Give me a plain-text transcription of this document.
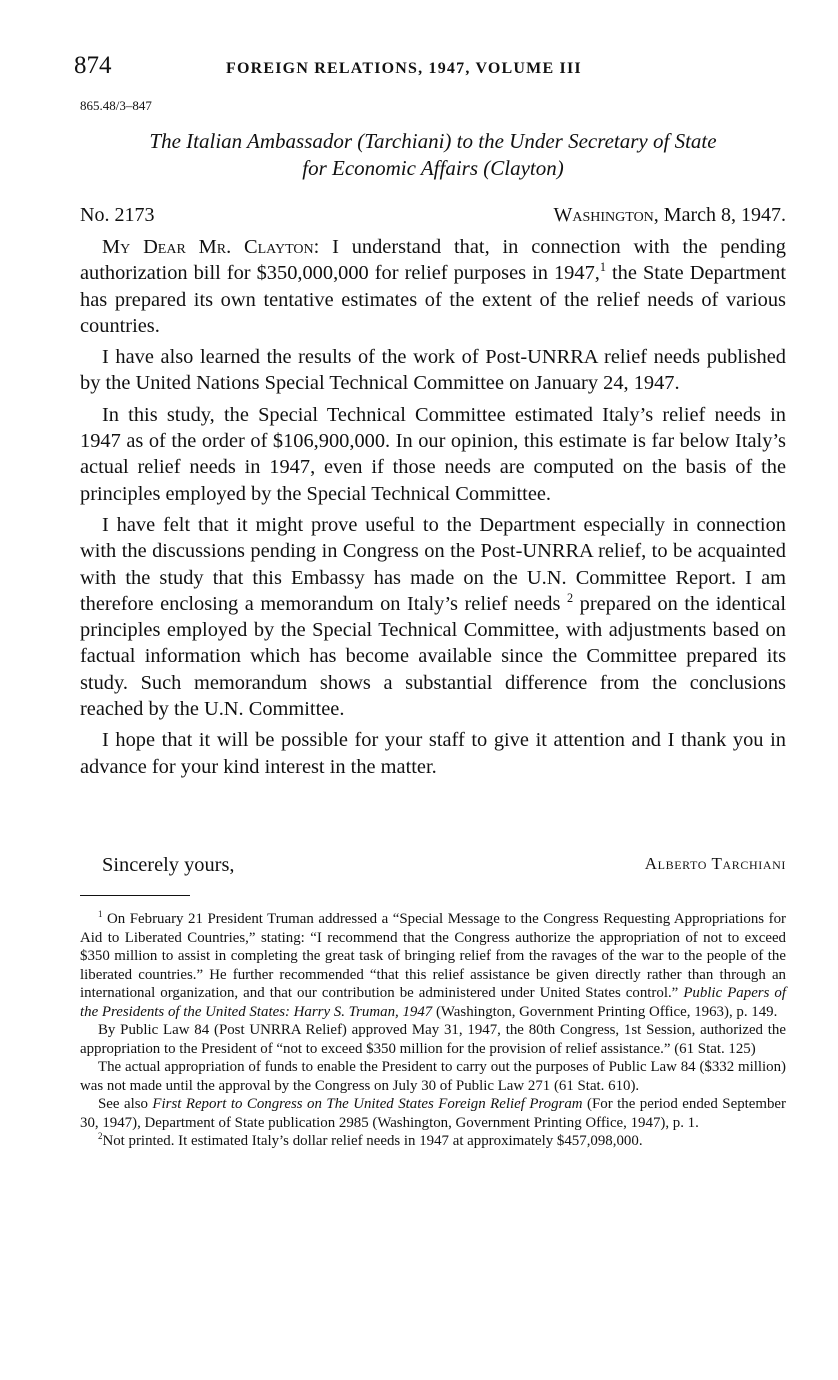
874	FOREIGN RELATIONS, 1947, VOLUME III
865.48/3–847
The Italian Ambassador (Tarchiani) to the Under Secretary of State
for Economic Affairs (Clayton)
No. 2173	Washington, March 8, 1947.

My Dear Mr. Clayton: I understand that, in connection with the pending authorization bill for $350,000,000 for relief purposes in 1947,$^1$ the State Department has prepared its own tentative estimates of the extent of the relief needs of various countries.

I have also learned the results of the work of Post-UNRRA relief needs published by the United Nations Special Technical Committee on January 24, 1947.

In this study, the Special Technical Committee estimated Italy’s relief needs in 1947 as of the order of $106,900,000. In our opinion, this estimate is far below Italy’s actual relief needs in 1947, even if those needs are computed on the basis of the principles employed by the Special Technical Committee.

I have felt that it might prove useful to the Department especially in connection with the discussions pending in Congress on the Post-UNRRA relief, to be acquainted with the study that this Embassy has made on the U.N. Committee Report. I am therefore enclosing a memorandum on Italy’s relief needs $^2$ prepared on the identical principles employed by the Special Technical Committee, with adjustments based on factual information which has become available since the Committee prepared its study. Such memorandum shows a substantial difference from the conclusions reached by the U.N. Committee.

I hope that it will be possible for your staff to give it attention and I thank you in advance for your kind interest in the matter.

Sincerely yours,	Alberto Tarchiani

$^1$ On February 21 President Truman addressed a “Special Message to the Congress Requesting Appropriations for Aid to Liberated Countries,” stating: “I recommend that the Congress authorize the appropriation of not to exceed $350 million to assist in completing the great task of bringing relief from the ravages of the war to the people of the liberated countries.” He further recommended “that this relief assistance be given directly rather than through an international organization, and that our contribution be administered under United States control.” Public Papers of the Presidents of the United States: Harry S. Truman, 1947 (Washington, Government Printing Office, 1963), p. 149.

By Public Law 84 (Post UNRRA Relief) approved May 31, 1947, the 80th Congress, 1st Session, authorized the appropriation to the President of “not to exceed $350 million for the provision of relief assistance.” (61 Stat. 125)

The actual appropriation of funds to enable the President to carry out the purposes of Public Law 84 ($332 million) was not made until the approval by the Congress on July 30 of Public Law 271 (61 Stat. 610).

See also First Report to Congress on The United States Foreign Relief Program (For the period ended September 30, 1947), Department of State publication 2985 (Washington, Government Printing Office, 1947), p. 1.

$^2$Not printed. It estimated Italy’s dollar relief needs in 1947 at approximately $457,098,000.
